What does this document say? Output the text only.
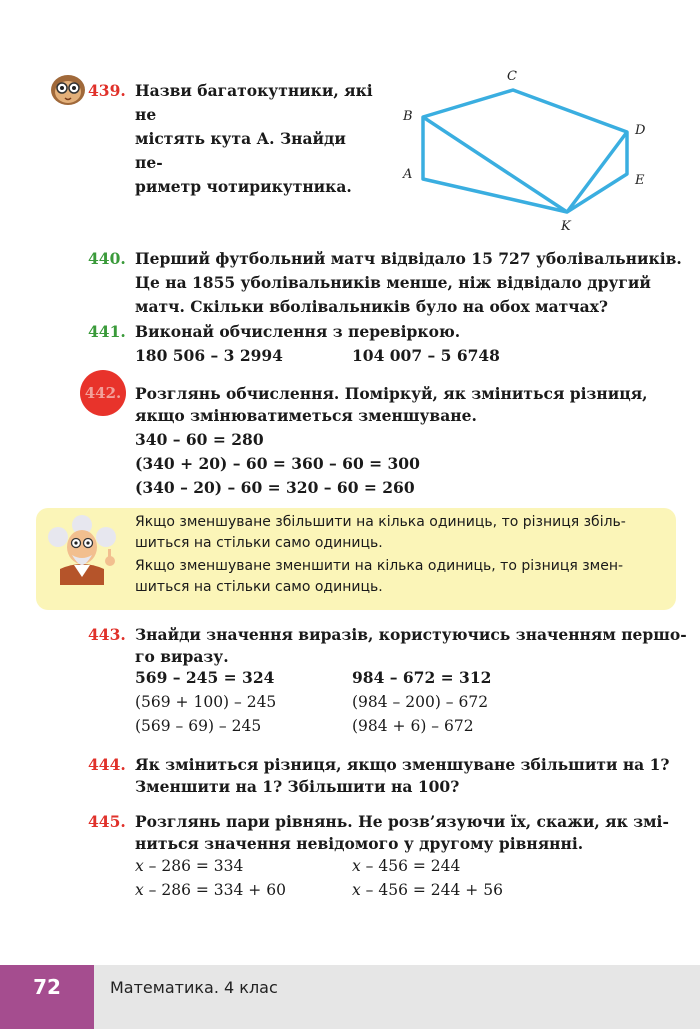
439. Назви багатокутники, які не
містять кута А. Знайди пе-
риметр чотирикутника.
A
B
C
D
E
K
440. Перший футбольний матч відвідало 15 727 уболівальників.
Це на 1855 уболівальників менше, ніж відвідало другий
матч. Скільки вболівальників було на обох матчах?
441. Виконай обчислення з перевіркою.
180 506 – 3 2994	104 007 – 5 6748
442. Розглянь обчислення. Поміркуй, як зміниться різниця,
якщо змінюватиметься зменшуване.
340 – 60 = 280
(340 + 20) – 60 = 360 – 60 = 300
(340 – 20) – 60 = 320 – 60 = 260

Якщо зменшуване збільшити на кілька одиниць, то різниця збіль-
шиться на стільки само одиниць.

Якщо зменшуване зменшити на кілька одиниць, то різниця змен-
шиться на стільки само одиниць.

443. Знайди значення виразів, користуючись значенням першо-
го виразу.
569 – 245 = 324
(569 + 100) – 245
(569 – 69) – 245
984 – 672 = 312
(984 – 200) – 672
(984 + 6) – 672
444. Як зміниться різниця, якщо зменшуване збільшити на 1?
Зменшити на 1? Збільшити на 100?
445. Розглянь пари рівнянь. Не розв’язуючи їх, скажи, як змі-
ниться значення невідомого у другому рівнянні.
x – 286 = 334
x – 286 = 334 + 60
x – 456 = 244
x – 456 = 244 + 56
72	Математика. 4 клас
